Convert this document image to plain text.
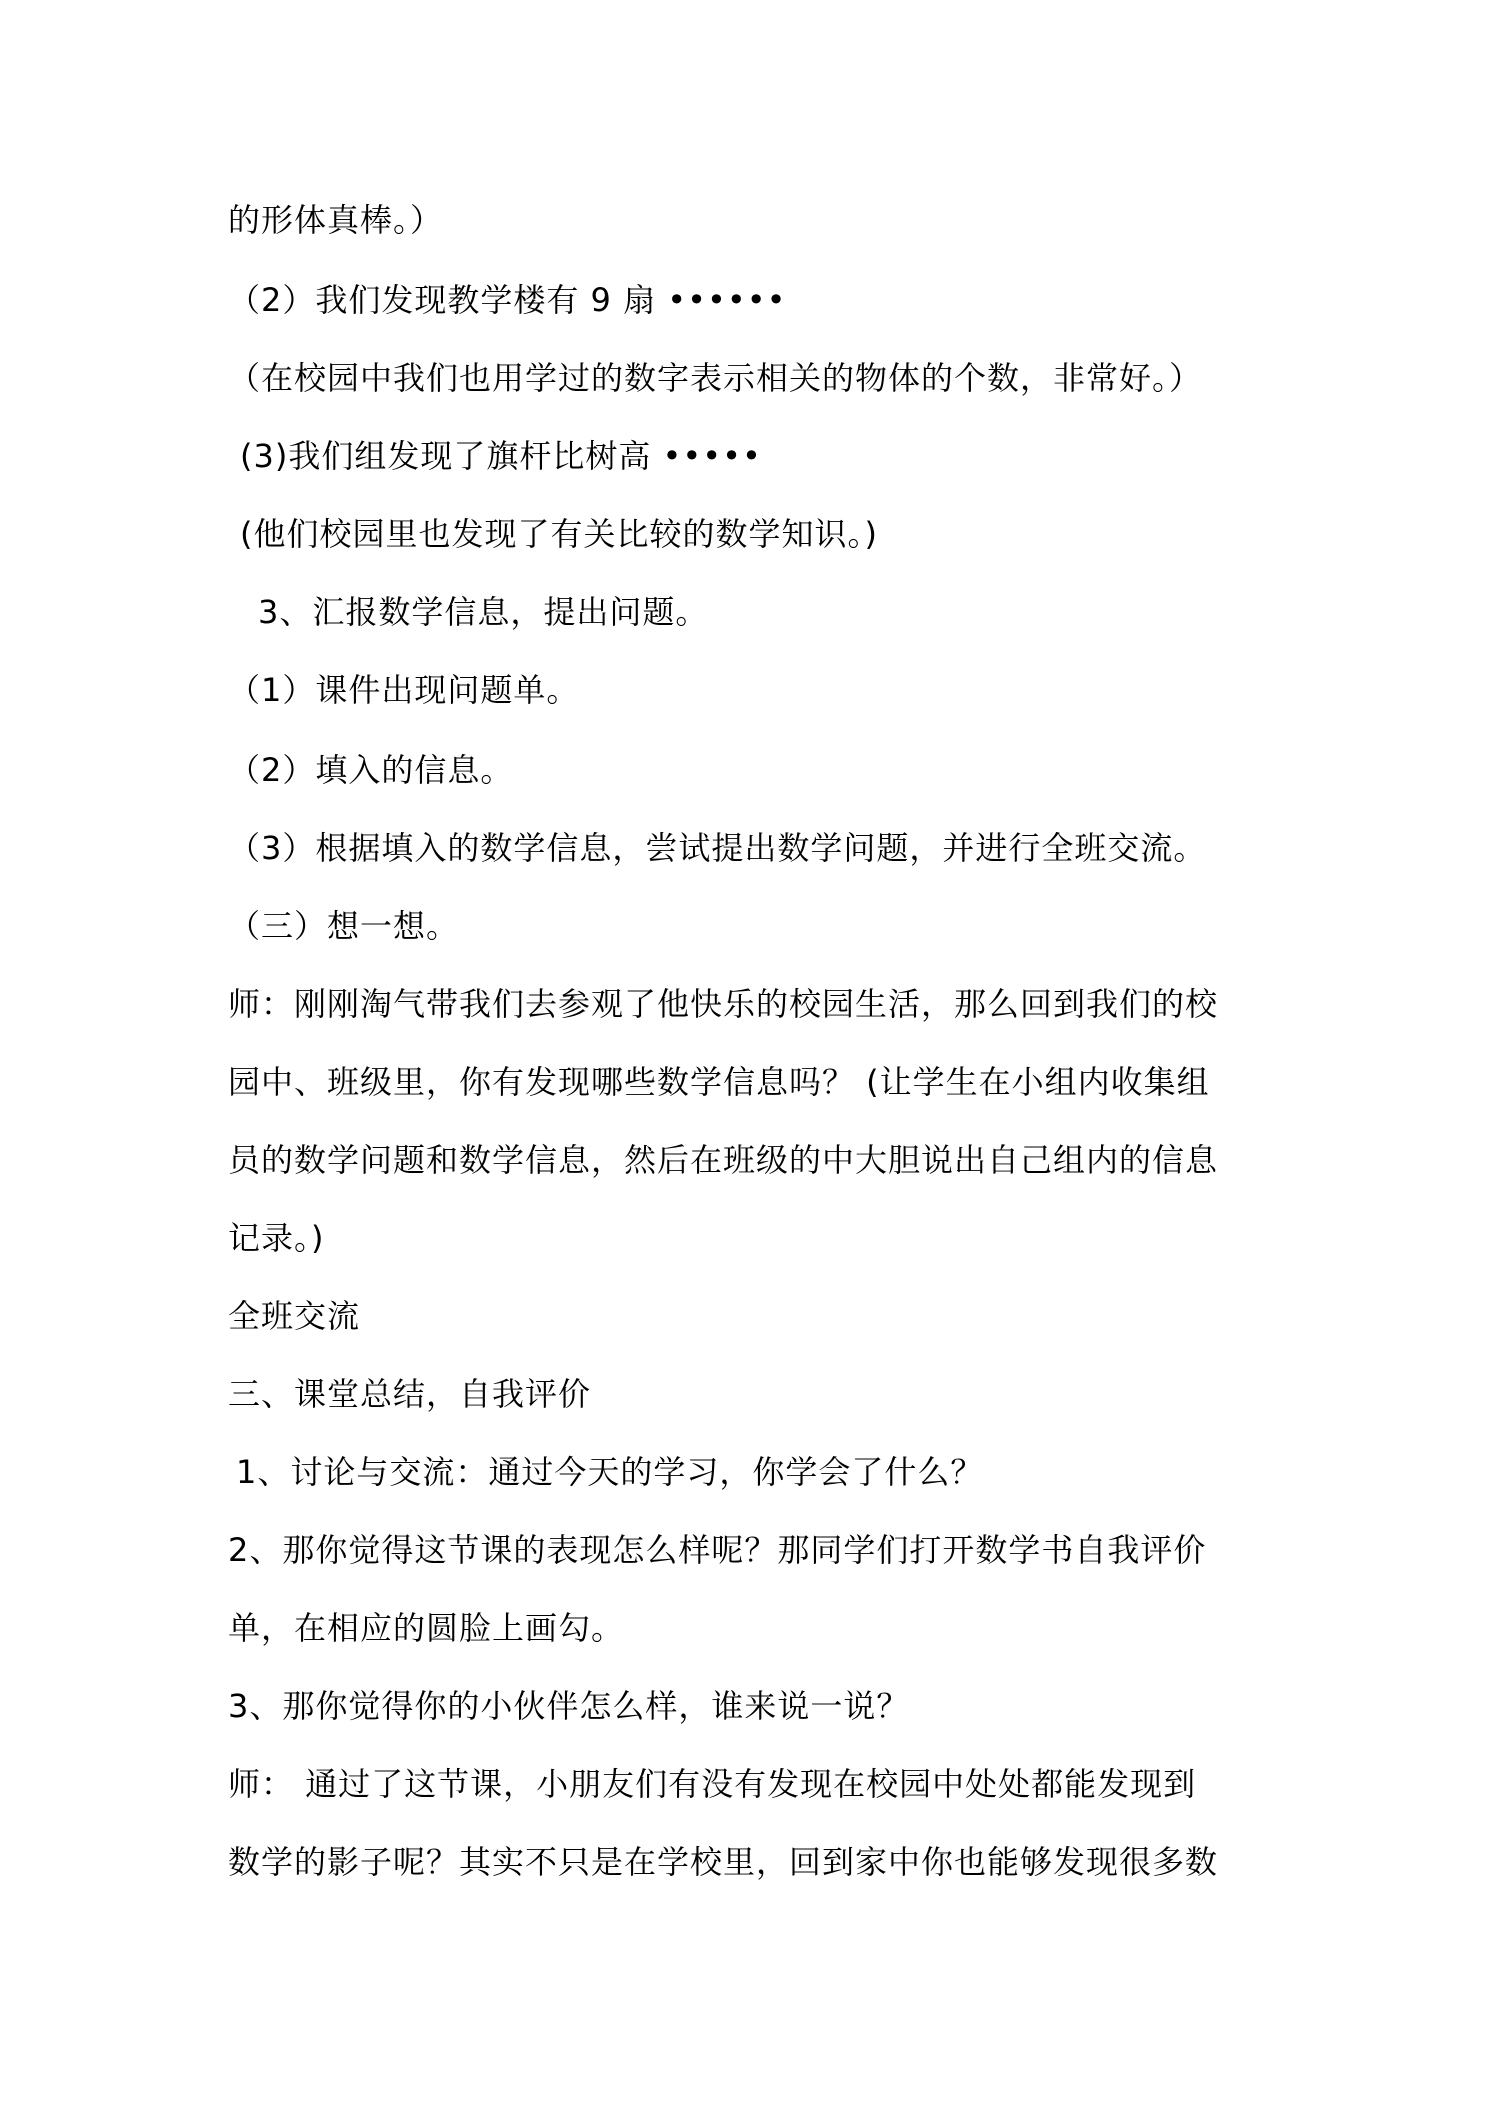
的形体真棒。）
（2）我们发现教学楼有 9 扇 ••••••
（在校园中我们也用学过的数字表示相关的物体的个数，非常好。）
(3)我们组发现了旗杆比树高 •••••
(他们校园里也发现了有关比较的数学知识。)
3、汇报数学信息，提出问题。
（1）课件出现问题单。
（2）填入的信息。
（3）根据填入的数学信息，尝试提出数学问题，并进行全班交流。
（三）想一想。
师：刚刚淘气带我们去参观了他快乐的校园生活，那么回到我们的校
园中、班级里，你有发现哪些数学信息吗？ (让学生在小组内收集组
员的数学问题和数学信息，然后在班级的中大胆说出自己组内的信息
记录。)
全班交流
三、课堂总结，自我评价
1、讨论与交流：通过今天的学习，你学会了什么？
2、那你觉得这节课的表现怎么样呢？那同学们打开数学书自我评价
单，在相应的圆脸上画勾。
3、那你觉得你的小伙伴怎么样，谁来说一说？
师： 通过了这节课，小朋友们有没有发现在校园中处处都能发现到
数学的影子呢？其实不只是在学校里，回到家中你也能够发现很多数
